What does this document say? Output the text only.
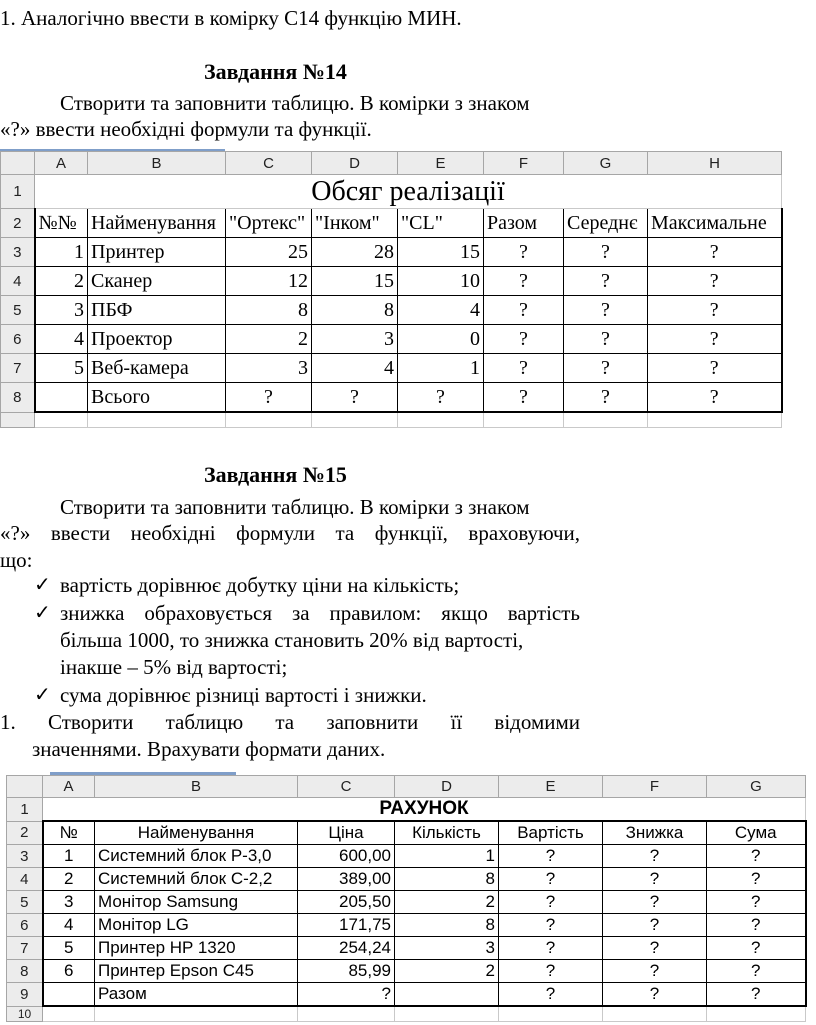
1. Аналогічно ввести в комірку С14 функцію МИН.
Завдання №14
Створити та заповнити таблицю. В комірки з знаком
«?» ввести необхідні формули та функції.
	A	B	C	D	E	F	G	H
1	Обсяг реалізації							
2	№№	Найменування	"Ортекс"	"Інком"	"CL"	Разом	Середнє	Максимальне
3	1	Принтер	25	28	15	?	?	?
4	2	Сканер	12	15	10	?	?	?
5	3	ПБФ	8	8	4	?	?	?
6	4	Проектор	2	3	0	?	?	?
7	5	Веб-камера	3	4	1	?	?	?
8		Всього	?	?	?	?	?	?

Завдання №15
Створити та заповнити таблицю. В комірки з знаком
«?» ввести необхідні формули та функції, враховуючи,
що:
✓ вартість дорівнює добутку ціни на кількість;
✓ знижка обраховується за правилом: якщо вартість
більша 1000, то знижка становить 20% від вартості,
інакше – 5% від вартості;
✓ сума дорівнює різниці вартості і знижки.
1. Створити таблицю та заповнити її відомими
значеннями. Врахувати формати даних.
	A	B	C	D	E	F	G
1	РАХУНОК						
2	№	Найменування	Ціна	Кількість	Вартість	Знижка	Сума
3	1	Системний блок Р-3,0	600,00	1	?	?	?
4	2	Системний блок С-2,2	389,00	8	?	?	?
5	3	Монітор Samsung	205,50	2	?	?	?
6	4	Монітор LG	171,75	8	?	?	?
7	5	Принтер HP 1320	254,24	3	?	?	?
8	6	Принтер Epson C45	85,99	2	?	?	?
9		Разом	?		?	?	?
10							
